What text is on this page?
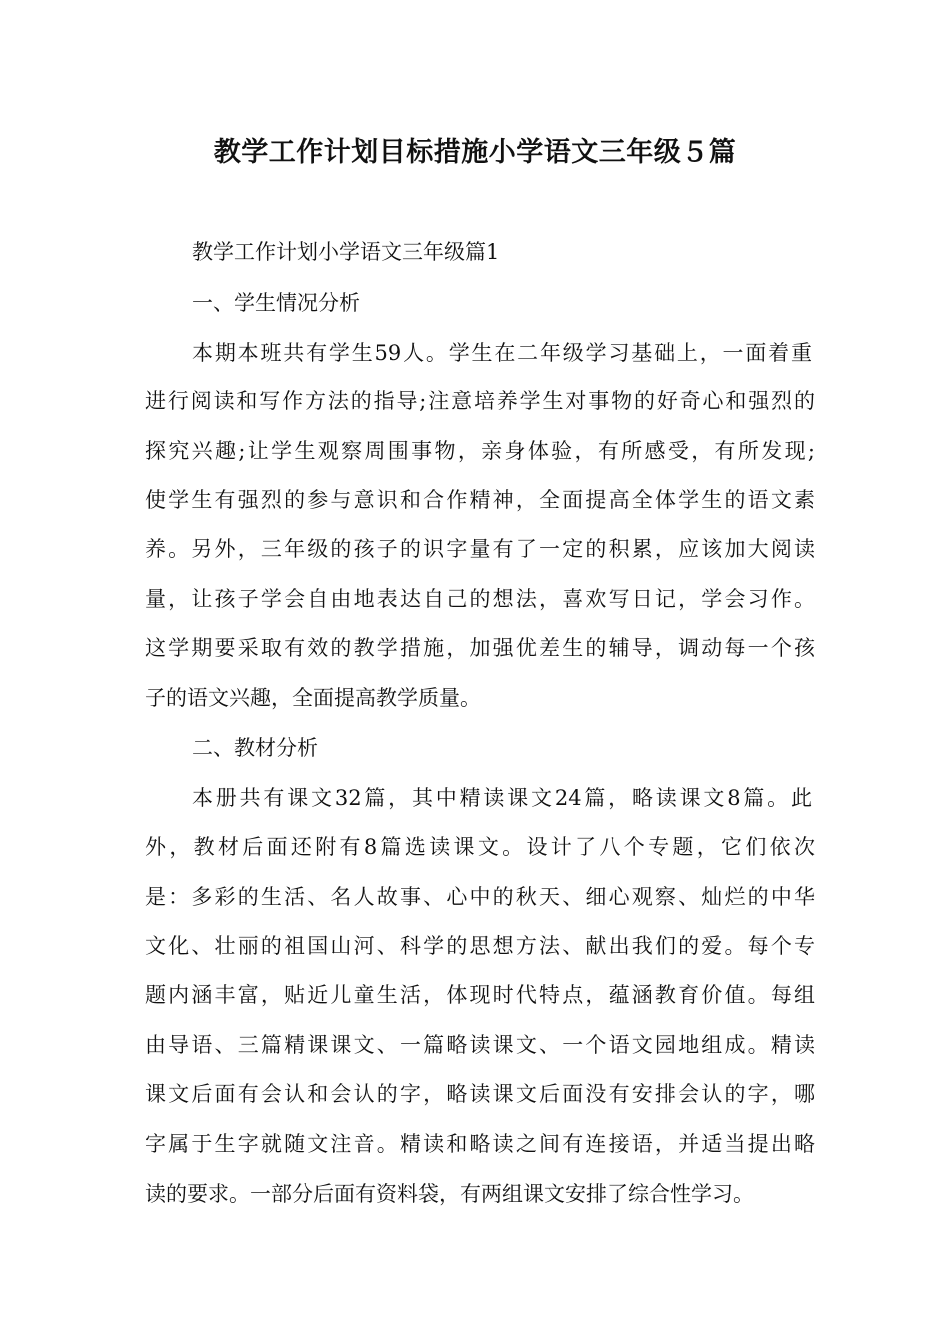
教学工作计划目标措施小学语文三年级５篇
教学工作计划小学语文三年级篇1
一、学生情况分析
本期本班共有学生59人。学生在二年级学习基础上，一面着重
进行阅读和写作方法的指导;注意培养学生对事物的好奇心和强烈的
探究兴趣;让学生观察周围事物，亲身体验，有所感受，有所发现;
使学生有强烈的参与意识和合作精神，全面提高全体学生的语文素
养。另外，三年级的孩子的识字量有了一定的积累，应该加大阅读
量，让孩子学会自由地表达自己的想法，喜欢写日记，学会习作。
这学期要采取有效的教学措施，加强优差生的辅导，调动每一个孩
子的语文兴趣，全面提高教学质量。
二、教材分析
本册共有课文32篇，其中精读课文24篇，略读课文8篇。此
外，教材后面还附有8篇选读课文。设计了八个专题，它们依次
是：多彩的生活、名人故事、心中的秋天、细心观察、灿烂的中华
文化、壮丽的祖国山河、科学的思想方法、献出我们的爱。每个专
题内涵丰富，贴近儿童生活，体现时代特点，蕴涵教育价值。每组
由导语、三篇精课课文、一篇略读课文、一个语文园地组成。精读
课文后面有会认和会认的字，略读课文后面没有安排会认的字，哪
字属于生字就随文注音。精读和略读之间有连接语，并适当提出略
读的要求。一部分后面有资料袋，有两组课文安排了综合性学习。
